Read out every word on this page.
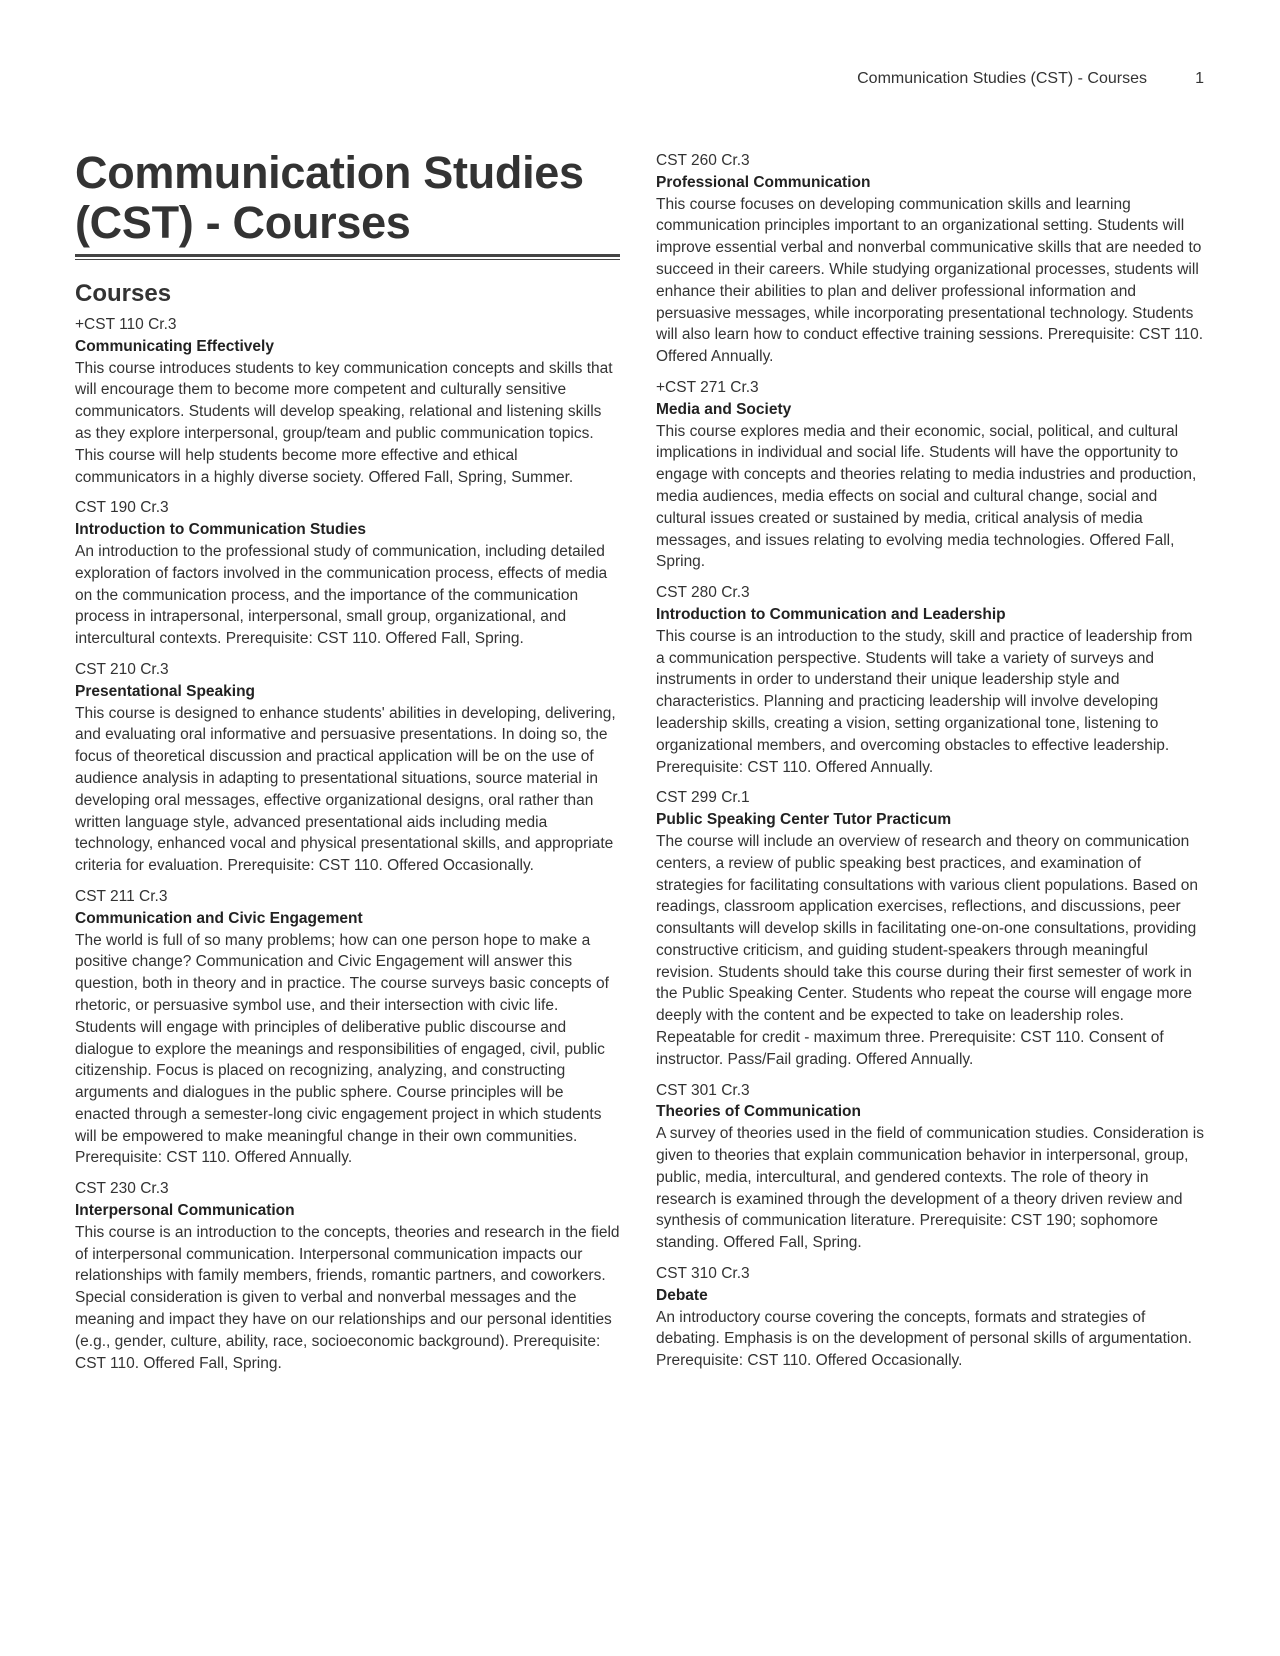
Communication Studies (CST) - Courses	1
Communication Studies (CST) - Courses
Courses
+CST 110 Cr.3
Communicating Effectively

This course introduces students to key communication concepts and skills that will encourage them to become more competent and culturally sensitive communicators. Students will develop speaking, relational and listening skills as they explore interpersonal, group/team and public communication topics. This course will help students become more effective and ethical communicators in a highly diverse society. Offered Fall, Spring, Summer.

CST 190 Cr.3
Introduction to Communication Studies

An introduction to the professional study of communication, including detailed exploration of factors involved in the communication process, effects of media on the communication process, and the importance of the communication process in intrapersonal, interpersonal, small group, organizational, and intercultural contexts. Prerequisite: CST 110. Offered Fall, Spring.

CST 210 Cr.3
Presentational Speaking

This course is designed to enhance students' abilities in developing, delivering, and evaluating oral informative and persuasive presentations. In doing so, the focus of theoretical discussion and practical application will be on the use of audience analysis in adapting to presentational situations, source material in developing oral messages, effective organizational designs, oral rather than written language style, advanced presentational aids including media technology, enhanced vocal and physical presentational skills, and appropriate criteria for evaluation. Prerequisite: CST 110. Offered Occasionally.

CST 211 Cr.3
Communication and Civic Engagement

The world is full of so many problems; how can one person hope to make a positive change? Communication and Civic Engagement will answer this question, both in theory and in practice. The course surveys basic concepts of rhetoric, or persuasive symbol use, and their intersection with civic life. Students will engage with principles of deliberative public discourse and dialogue to explore the meanings and responsibilities of engaged, civil, public citizenship. Focus is placed on recognizing, analyzing, and constructing arguments and dialogues in the public sphere. Course principles will be enacted through a semester-long civic engagement project in which students will be empowered to make meaningful change in their own communities. Prerequisite: CST 110. Offered Annually.

CST 230 Cr.3
Interpersonal Communication

This course is an introduction to the concepts, theories and research in the field of interpersonal communication. Interpersonal communication impacts our relationships with family members, friends, romantic partners, and coworkers. Special consideration is given to verbal and nonverbal messages and the meaning and impact they have on our relationships and our personal identities (e.g., gender, culture, ability, race, socioeconomic background). Prerequisite: CST 110. Offered Fall, Spring.

CST 260 Cr.3
Professional Communication

This course focuses on developing communication skills and learning communication principles important to an organizational setting. Students will improve essential verbal and nonverbal communicative skills that are needed to succeed in their careers. While studying organizational processes, students will enhance their abilities to plan and deliver professional information and persuasive messages, while incorporating presentational technology. Students will also learn how to conduct effective training sessions. Prerequisite: CST 110. Offered Annually.

+CST 271 Cr.3
Media and Society

This course explores media and their economic, social, political, and cultural implications in individual and social life. Students will have the opportunity to engage with concepts and theories relating to media industries and production, media audiences, media effects on social and cultural change, social and cultural issues created or sustained by media, critical analysis of media messages, and issues relating to evolving media technologies. Offered Fall, Spring.

CST 280 Cr.3
Introduction to Communication and Leadership

This course is an introduction to the study, skill and practice of leadership from a communication perspective. Students will take a variety of surveys and instruments in order to understand their unique leadership style and characteristics. Planning and practicing leadership will involve developing leadership skills, creating a vision, setting organizational tone, listening to organizational members, and overcoming obstacles to effective leadership. Prerequisite: CST 110. Offered Annually.

CST 299 Cr.1
Public Speaking Center Tutor Practicum

The course will include an overview of research and theory on communication centers, a review of public speaking best practices, and examination of strategies for facilitating consultations with various client populations. Based on readings, classroom application exercises, reflections, and discussions, peer consultants will develop skills in facilitating one-on-one consultations, providing constructive criticism, and guiding student-speakers through meaningful revision. Students should take this course during their first semester of work in the Public Speaking Center. Students who repeat the course will engage more deeply with the content and be expected to take on leadership roles. Repeatable for credit - maximum three. Prerequisite: CST 110. Consent of instructor. Pass/Fail grading. Offered Annually.

CST 301 Cr.3
Theories of Communication

A survey of theories used in the field of communication studies. Consideration is given to theories that explain communication behavior in interpersonal, group, public, media, intercultural, and gendered contexts. The role of theory in research is examined through the development of a theory driven review and synthesis of communication literature. Prerequisite: CST 190; sophomore standing. Offered Fall, Spring.

CST 310 Cr.3
Debate

An introductory course covering the concepts, formats and strategies of debating. Emphasis is on the development of personal skills of argumentation. Prerequisite: CST 110. Offered Occasionally.
